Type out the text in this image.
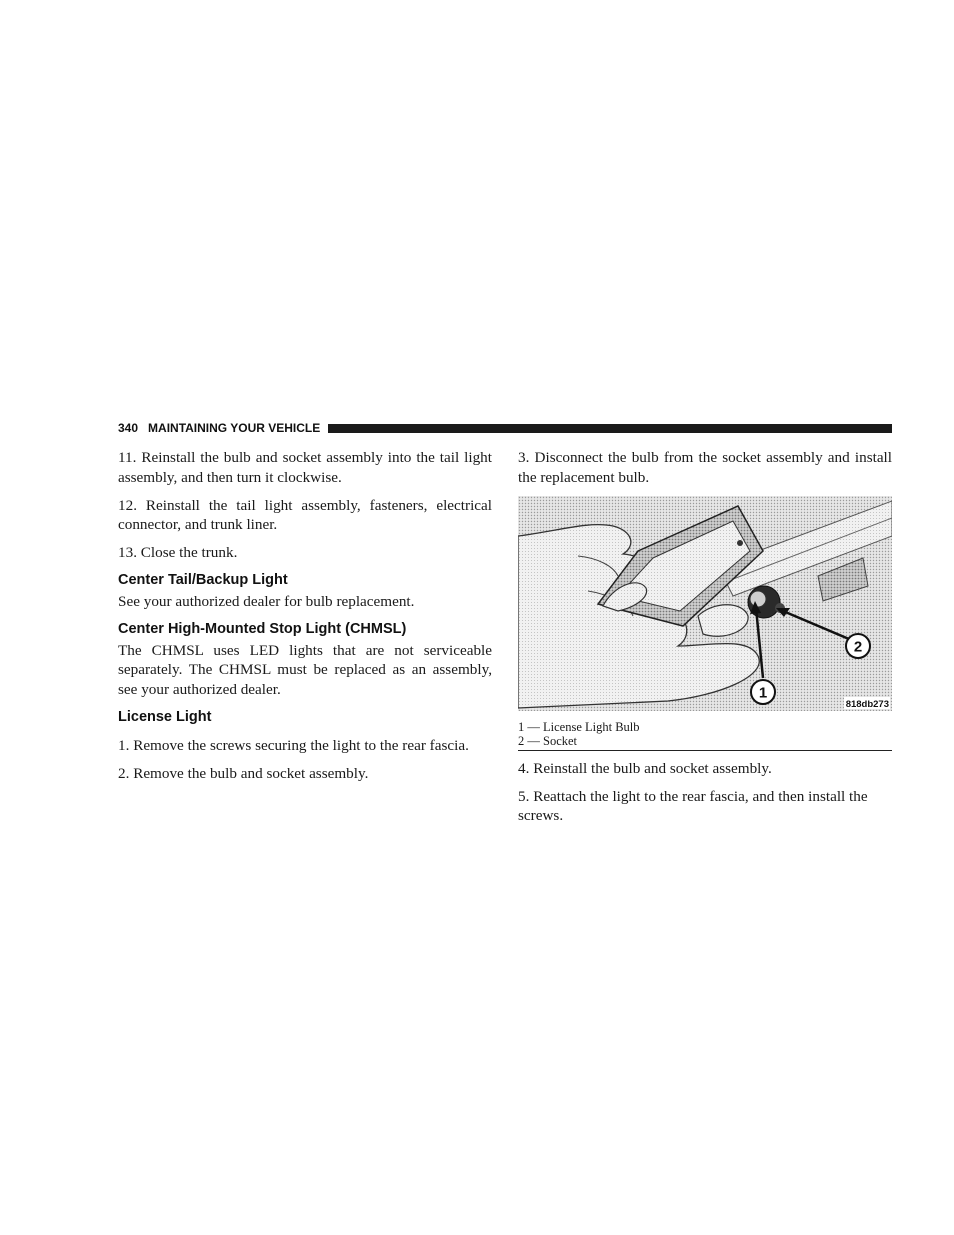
340 MAINTAINING YOUR VEHICLE

11. Reinstall the bulb and socket assembly into the tail light assembly, and then turn it clockwise.

12. Reinstall the tail light assembly, fasteners, electrical connector, and trunk liner.

13. Close the trunk.

Center Tail/Backup Light

See your authorized dealer for bulb replacement.

Center High-Mounted Stop Light (CHMSL)

The CHMSL uses LED lights that are not serviceable separately. The CHMSL must be replaced as an assembly, see your authorized dealer.

License Light

1. Remove the screws securing the light to the rear fascia.

2. Remove the bulb and socket assembly.

3. Disconnect the bulb from the socket assembly and install the replacement bulb.

2
1
818db273
1 — License Light Bulb
2 — Socket

4. Reinstall the bulb and socket assembly.

5. Reattach the light to the rear fascia, and then install the screws.
